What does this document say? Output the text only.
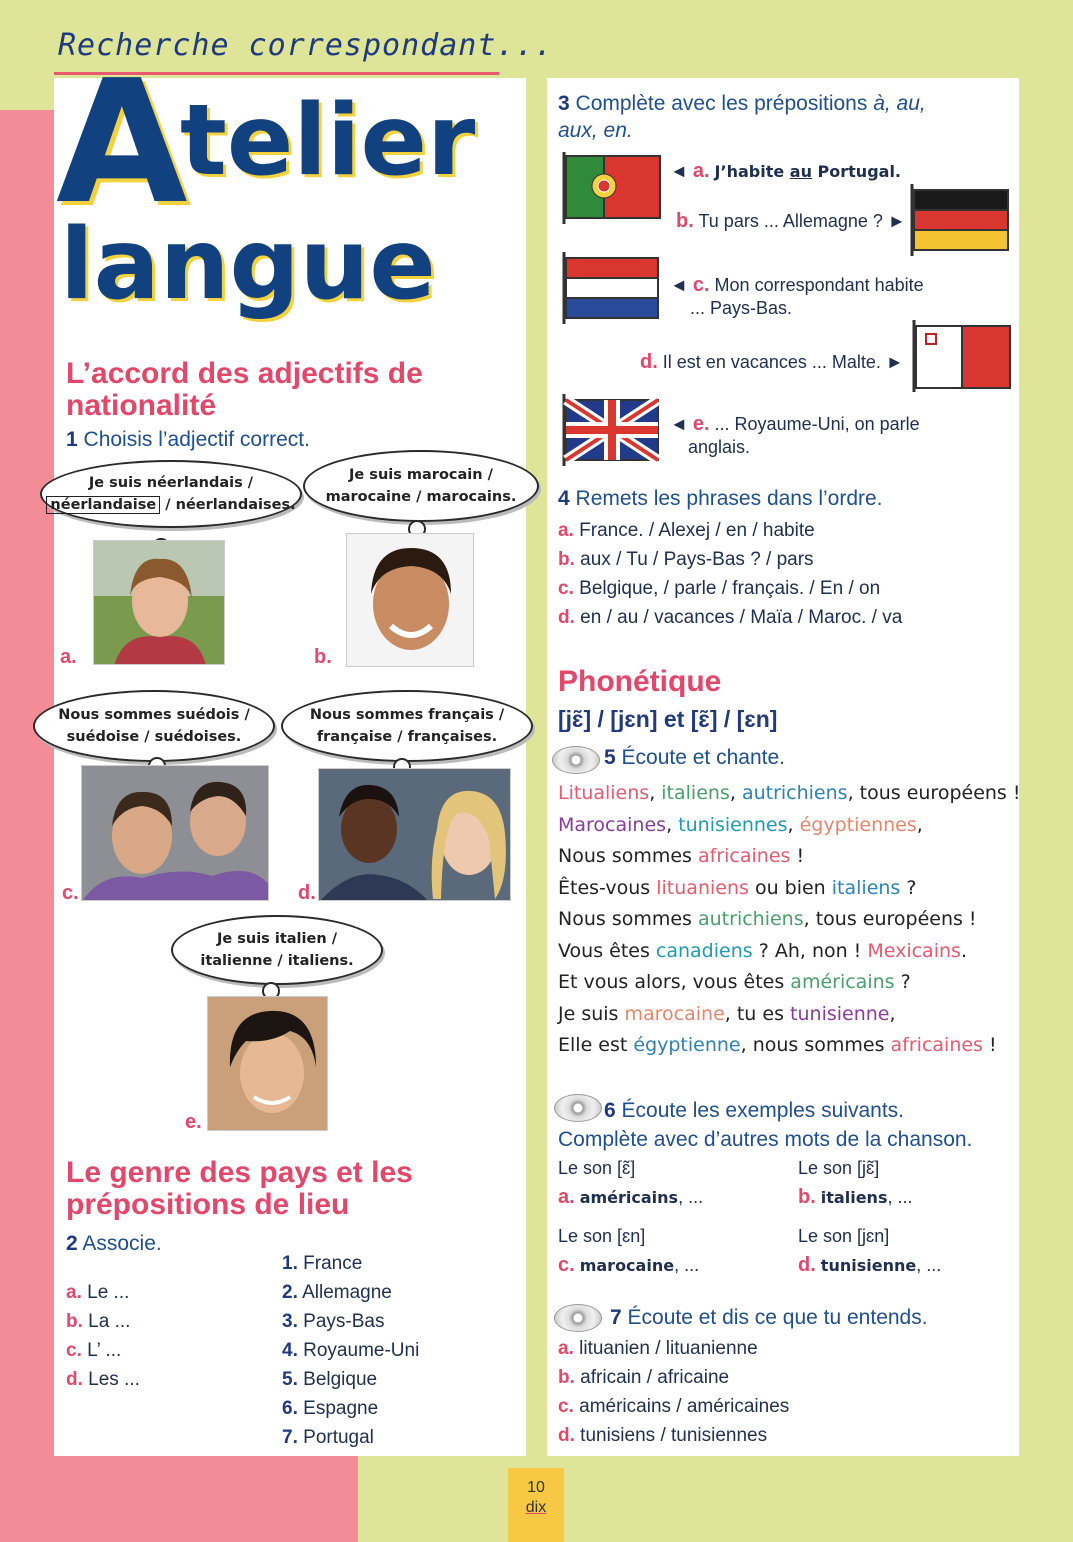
Recherche correspondant...
A
telier
langue
L’accord des adjectifs de
nationalité
1 Choisis l’adjectif correct.
Je suis néerlandais /
néerlandaise / néerlandaises.
a.
Je suis marocain /
marocaine / marocains.
b.
Nous sommes suédois /
suédoise / suédoises.
c.
Nous sommes français /
française / françaises.
d.
Je suis italien /
italienne / italiens.
e.
Le genre des pays et les
prépositions de lieu
2 Associe.
a. Le ...
b. La ...
c. L’ ...
d. Les ...
1. France
2. Allemagne
3. Pays-Bas
4. Royaume-Uni
5. Belgique
6. Espagne
7. Portugal
3 Complète avec les prépositions à, au,
aux, en.
◄ a. J’habite au Portugal.
b. Tu pars ... Allemagne ? ►
◄ c. Mon correspondant habite
... Pays-Bas.
d. Il est en vacances ... Malte. ►
◄ e. ... Royaume-Uni, on parle
anglais.
4 Remets les phrases dans l’ordre.
a. France. / Alexej / en / habite
b. aux / Tu / Pays-Bas ? / pars
c. Belgique, / parle / français. / En / on
d. en / au / vacances / Maïa / Maroc. / va
Phonétique
[jɛ̃] / [jɛn] et [ɛ̃] / [ɛn]
5 Écoute et chante.
Litualiens, italiens, autrichiens, tous européens !
Marocaines, tunisiennes, égyptiennes,
Nous sommes africaines !
Êtes-vous lituaniens ou bien italiens ?
Nous sommes autrichiens, tous européens !
Vous êtes canadiens ? Ah, non ! Mexicains.
Et vous alors, vous êtes américains ?
Je suis marocaine, tu es tunisienne,
Elle est égyptienne, nous sommes africaines !
6 Écoute les exemples suivants.
Complète avec d’autres mots de la chanson.
Le son [ɛ̃]
a. américains, ...
Le son [jɛ̃]
b. italiens, ...
Le son [ɛn]
c. marocaine, ...
Le son [jɛn]
d. tunisienne, ...
7 Écoute et dis ce que tu entends.
a. lituanien / lituanienne
b. africain / africaine
c. américains / américaines
d. tunisiens / tunisiennes
10
dix
